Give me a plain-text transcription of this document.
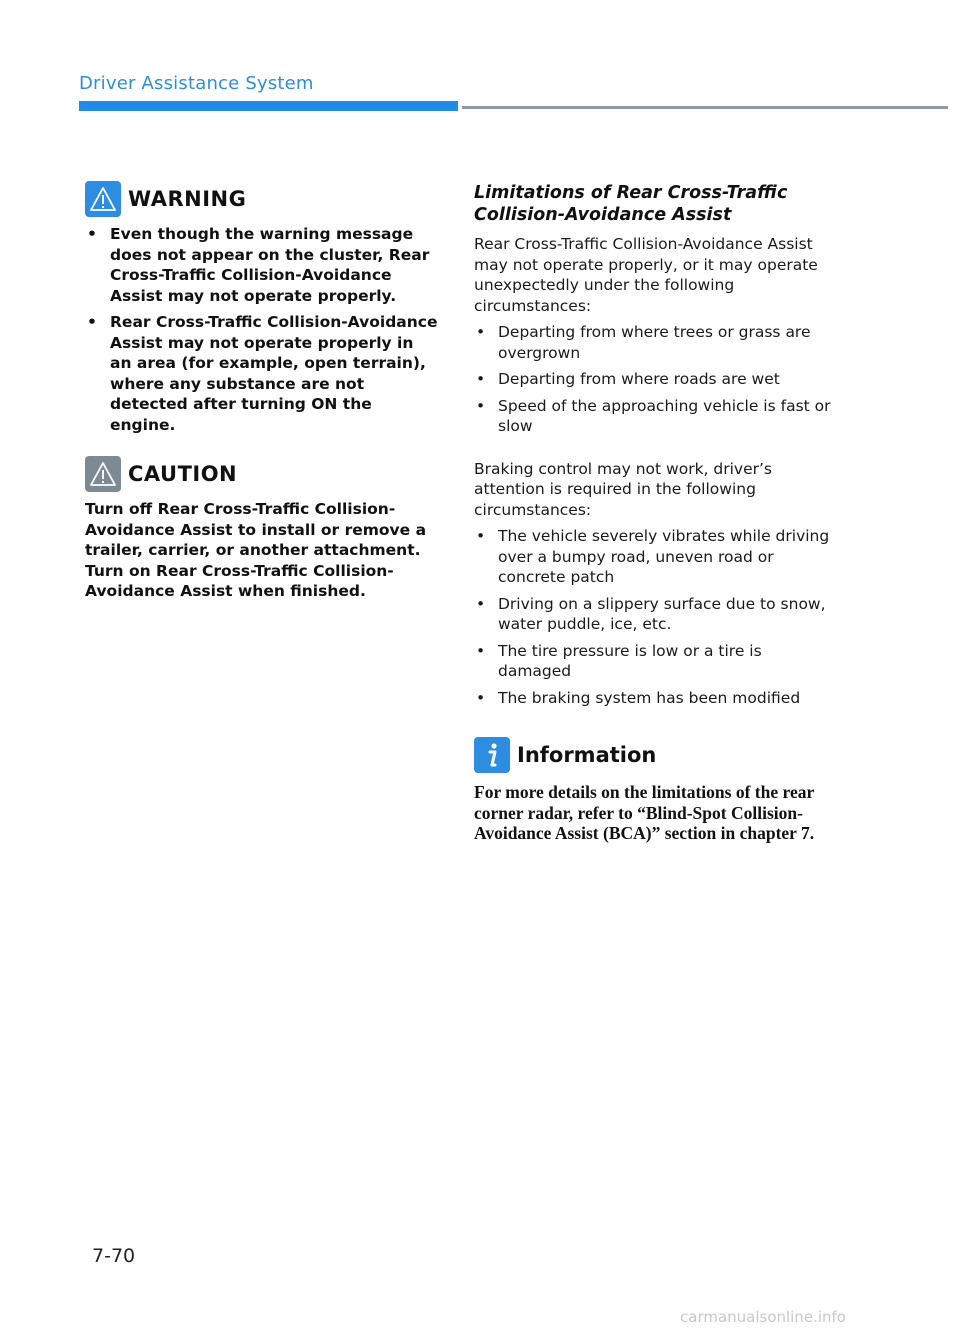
Driver Assistance System
WARNING
• Even though the warning message does not appear on the cluster, Rear Cross-Traffic Collision-Avoidance Assist may not operate properly.
• Rear Cross-Traffic Collision-Avoidance Assist may not operate properly in an area (for example, open terrain), where any substance are not detected after turning ON the engine.
CAUTION
Turn off Rear Cross-Traffic Collision-Avoidance Assist to install or remove a trailer, carrier, or another attachment. Turn on Rear Cross-Traffic Collision-Avoidance Assist when finished.
Limitations of Rear Cross-Traffic Collision-Avoidance Assist
Rear Cross-Traffic Collision-Avoidance Assist may not operate properly, or it may operate unexpectedly under the following circumstances:
• Departing from where trees or grass are overgrown
• Departing from where roads are wet
• Speed of the approaching vehicle is fast or slow
Braking control may not work, driver’s attention is required in the following circumstances:
• The vehicle severely vibrates while driving over a bumpy road, uneven road or concrete patch
• Driving on a slippery surface due to snow, water puddle, ice, etc.
• The tire pressure is low or a tire is damaged
• The braking system has been modified
Information
For more details on the limitations of the rear corner radar, refer to “Blind-Spot Collision-Avoidance Assist (BCA)” section in chapter 7.
7-70
carmanualsonline.info
